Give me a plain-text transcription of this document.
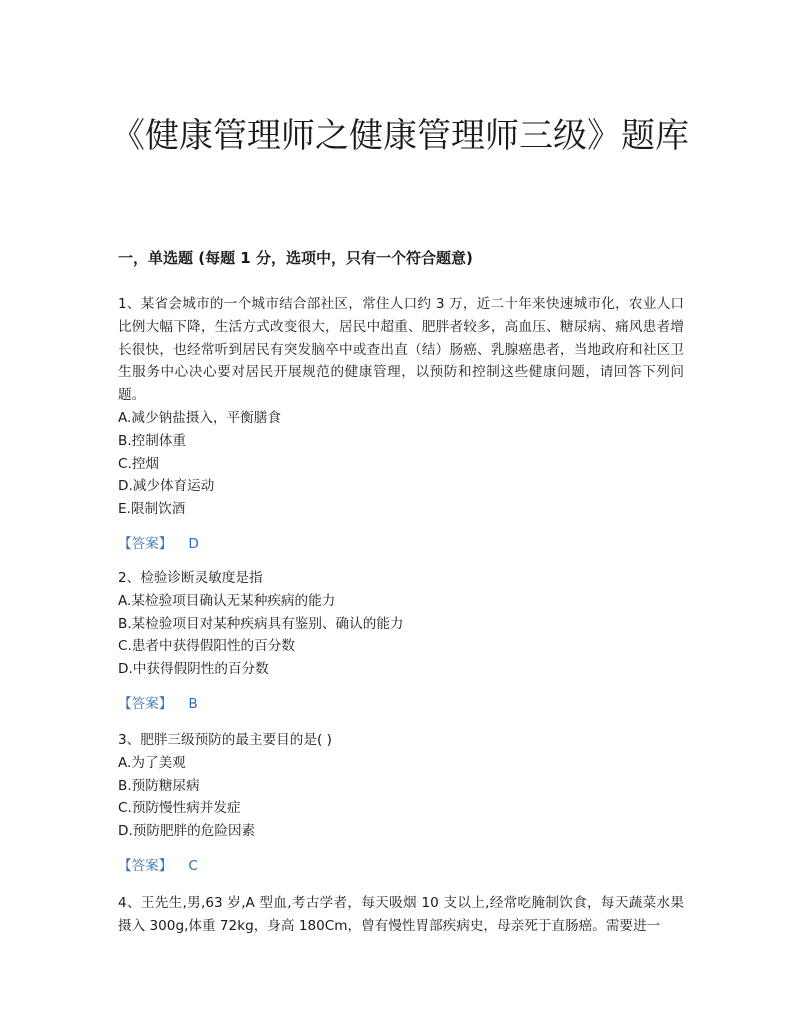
《健康管理师之健康管理师三级》题库
一，单选题 (每题 1 分，选项中，只有一个符合题意)

1、某省会城市的一个城市结合部社区，常住人口约 3 万，近二十年来快速城市化，农业人口比例大幅下降，生活方式改变很大，居民中超重、肥胖者较多，高血压、糖尿病、痛风患者增长很快，也经常听到居民有突发脑卒中或查出直（结）肠癌、乳腺癌患者，当地政府和社区卫生服务中心决心要对居民开展规范的健康管理，以预防和控制这些健康问题，请回答下列问题。

A.减少钠盐摄入，平衡膳食

B.控制体重

C.控烟

D.减少体育运动

E.限制饮酒

【答案】 D

2、检验诊断灵敏度是指

A.某检验项目确认无某种疾病的能力

B.某检验项目对某种疾病具有鉴别、确认的能力

C.患者中获得假阳性的百分数

D.中获得假阴性的百分数

【答案】 B

3、肥胖三级预防的最主要目的是( )

A.为了美观

B.预防糖尿病

C.预防慢性病并发症

D.预防肥胖的危险因素

【答案】 C

4、王先生,男,63 岁,A 型血,考古学者，每天吸烟 10 支以上,经常吃腌制饮食，每天蔬菜水果摄入 300g,体重 72kg，身高 180Cm，曾有慢性胃部疾病史，母亲死于直肠癌。需要进一
